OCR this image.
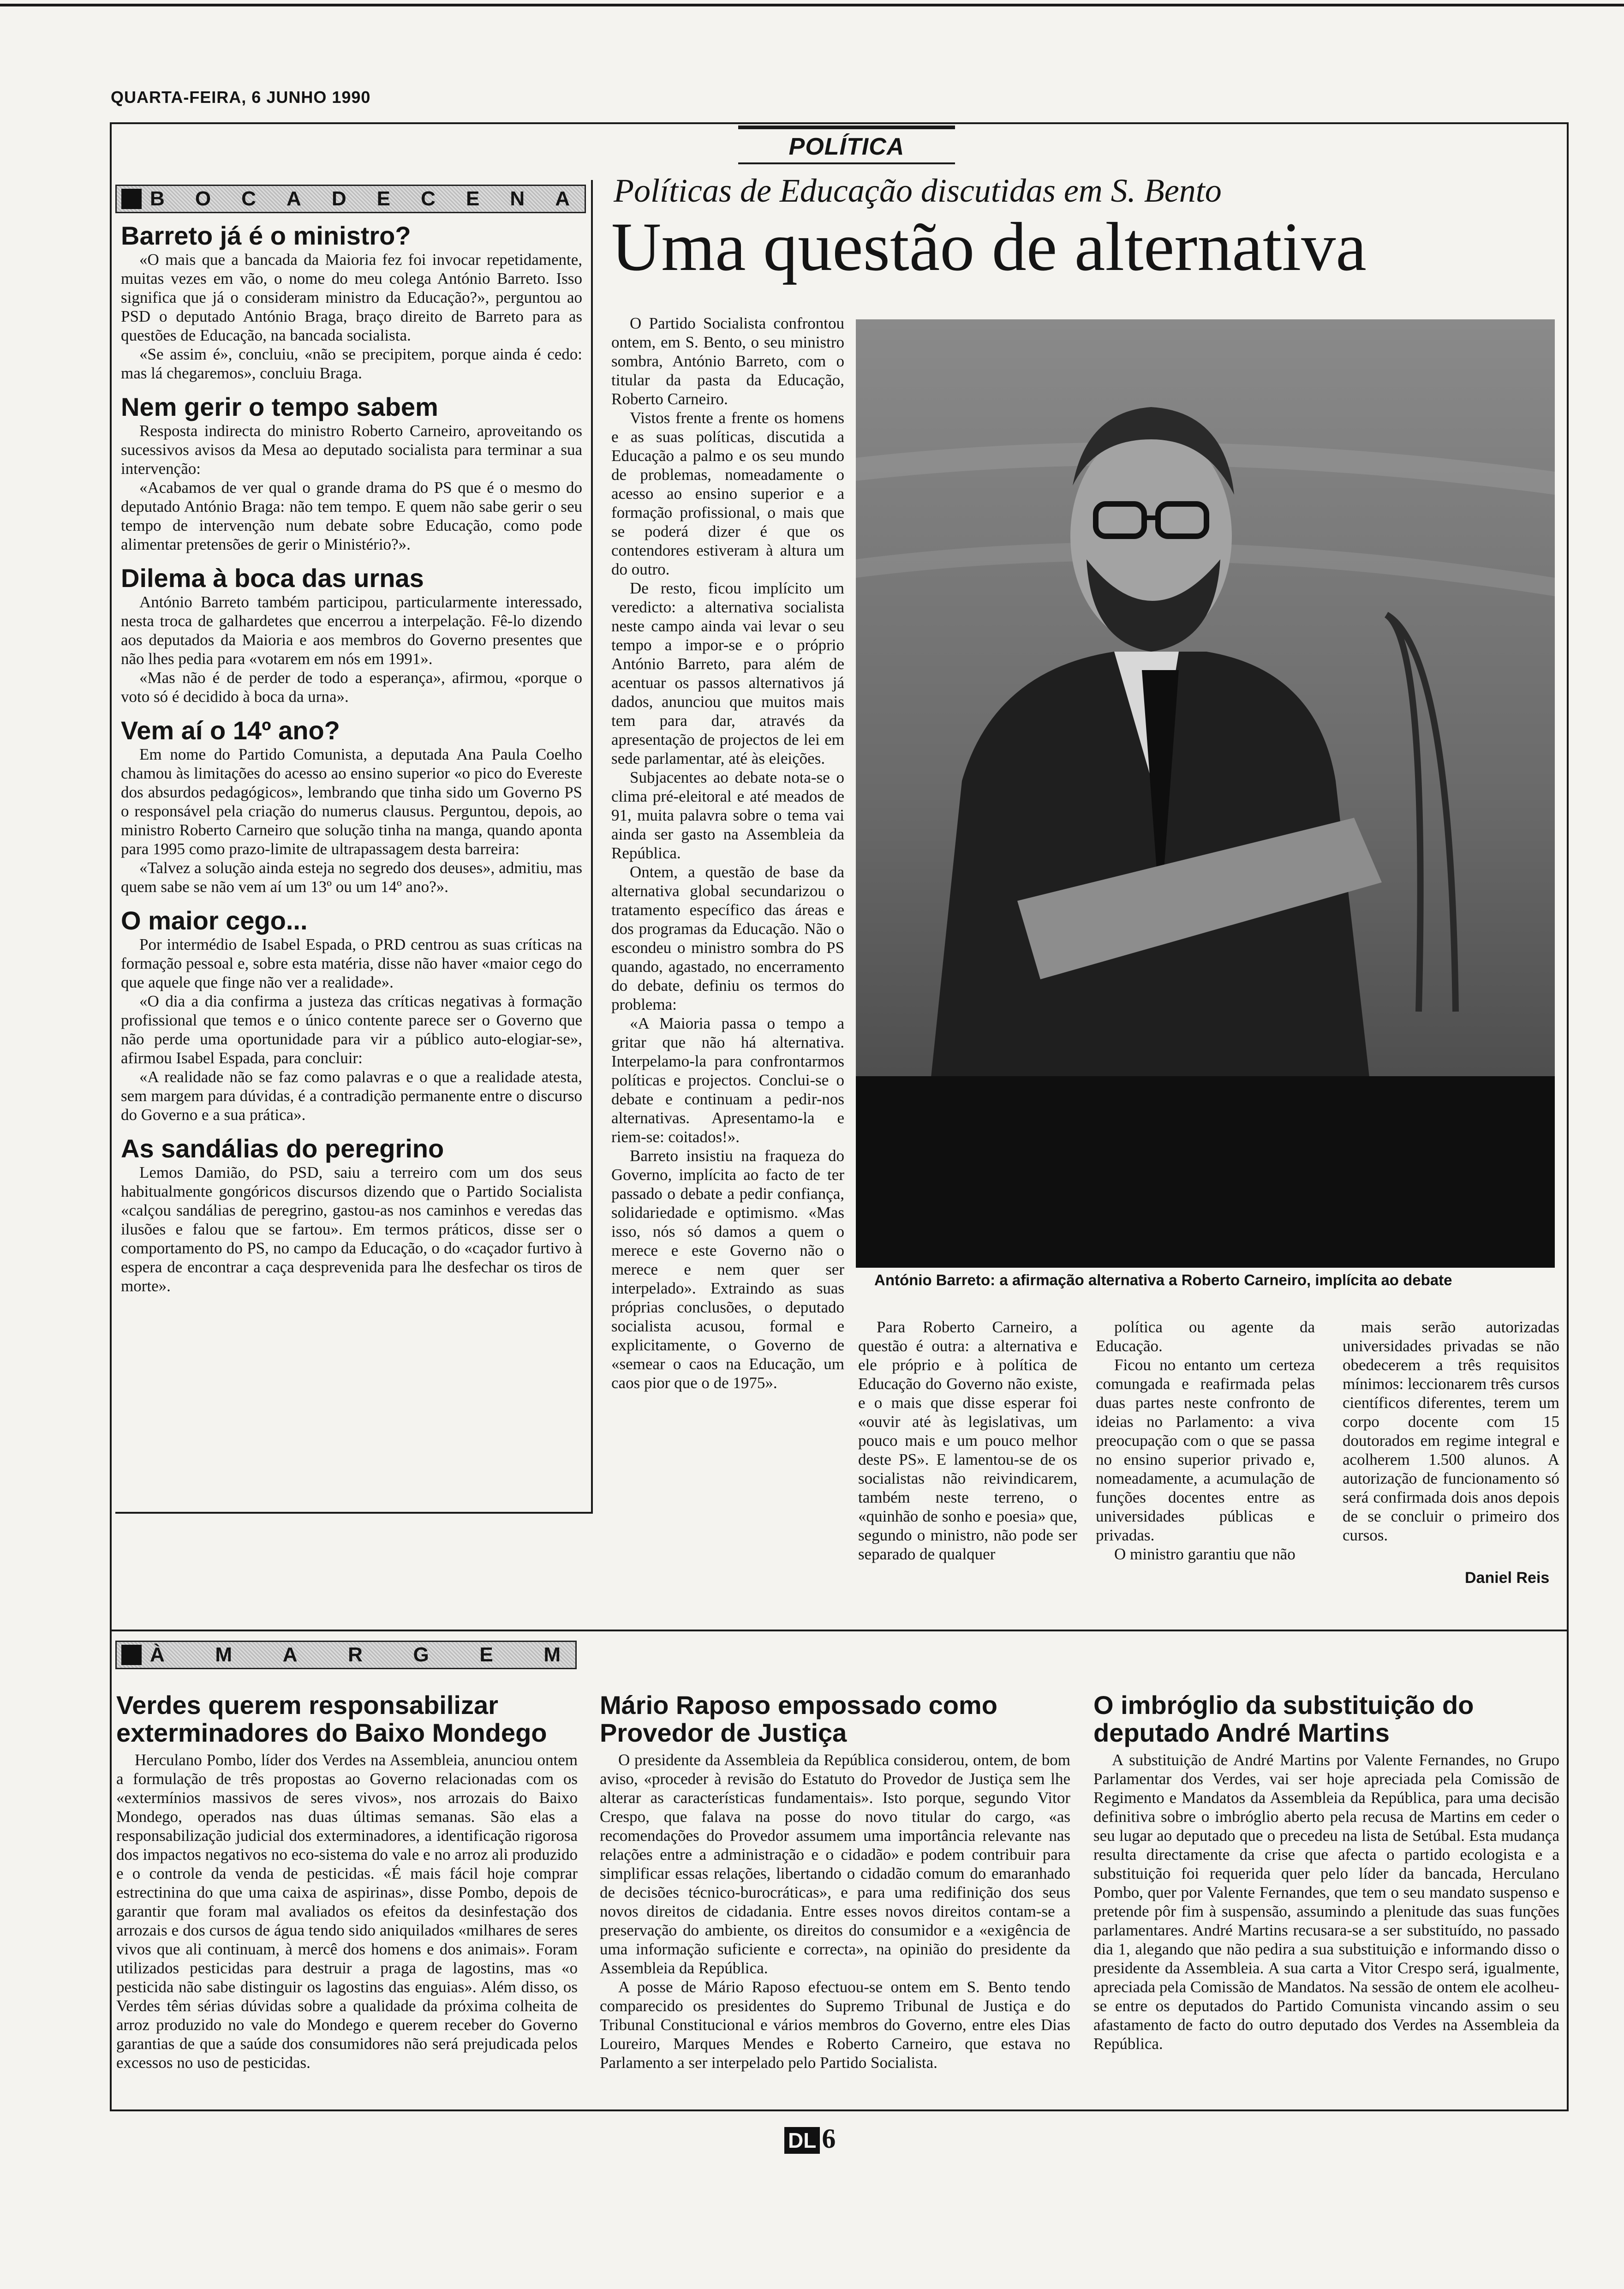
QUARTA-FEIRA, 6 JUNHO 1990
POLÍTICA
B O C A D E C E N A
Barreto já é o ministro?

«O mais que a bancada da Maioria fez foi invocar repetidamente, muitas vezes em vão, o nome do meu colega António Barreto. Isso significa que já o consideram ministro da Educação?», perguntou ao PSD o deputado António Braga, braço direito de Barreto para as questões de Educação, na bancada socialista.

«Se assim é», concluiu, «não se precipitem, porque ainda é cedo: mas lá chegaremos», concluiu Braga.

Nem gerir o tempo sabem

Resposta indirecta do ministro Roberto Carneiro, aproveitando os sucessivos avisos da Mesa ao deputado socialista para terminar a sua intervenção:

«Acabamos de ver qual o grande drama do PS que é o mesmo do deputado António Braga: não tem tempo. E quem não sabe gerir o seu tempo de intervenção num debate sobre Educação, como pode alimentar pretensões de gerir o Ministério?».

Dilema à boca das urnas

António Barreto também participou, particularmente interessado, nesta troca de galhardetes que encerrou a interpelação. Fê-lo dizendo aos deputados da Maioria e aos membros do Governo presentes que não lhes pedia para «votarem em nós em 1991».

«Mas não é de perder de todo a esperança», afirmou, «porque o voto só é decidido à boca da urna».

Vem aí o 14º ano?

Em nome do Partido Comunista, a deputada Ana Paula Coelho chamou às limitações do acesso ao ensino superior «o pico do Evereste dos absurdos pedagógicos», lembrando que tinha sido um Governo PS o responsável pela criação do numerus clausus. Perguntou, depois, ao ministro Roberto Carneiro que solução tinha na manga, quando aponta para 1995 como prazo-limite de ultrapassagem desta barreira:

«Talvez a solução ainda esteja no segredo dos deuses», admitiu, mas quem sabe se não vem aí um 13º ou um 14º ano?».

O maior cego...

Por intermédio de Isabel Espada, o PRD centrou as suas críticas na formação pessoal e, sobre esta matéria, disse não haver «maior cego do que aquele que finge não ver a realidade».

«O dia a dia confirma a justeza das críticas negativas à formação profissional que temos e o único contente parece ser o Governo que não perde uma oportunidade para vir a público auto-elogiar-se», afirmou Isabel Espada, para concluir:

«A realidade não se faz como palavras e o que a realidade atesta, sem margem para dúvidas, é a contradição permanente entre o discurso do Governo e a sua prática».

As sandálias do peregrino

Lemos Damião, do PSD, saiu a terreiro com um dos seus habitualmente gongóricos discursos dizendo que o Partido Socialista «calçou sandálias de peregrino, gastou-as nos caminhos e veredas das ilusões e falou que se fartou». Em termos práticos, disse ser o comportamento do PS, no campo da Educação, o do «caçador furtivo à espera de encontrar a caça desprevenida para lhe desfechar os tiros de morte».

Políticas de Educação discutidas em S. Bento
Uma questão de alternativa

O Partido Socialista confrontou ontem, em S. Bento, o seu ministro sombra, António Barreto, com o titular da pasta da Educação, Roberto Carneiro.

Vistos frente a frente os homens e as suas políticas, discutida a Educação a palmo e os seu mundo de problemas, nomeadamente o acesso ao ensino superior e a formação profissional, o mais que se poderá dizer é que os contendores estiveram à altura um do outro.

De resto, ficou implícito um veredicto: a alternativa socialista neste campo ainda vai levar o seu tempo a impor-se e o próprio António Barreto, para além de acentuar os passos alternativos já dados, anunciou que muitos mais tem para dar, através da apresentação de projectos de lei em sede parlamentar, até às eleições.

Subjacentes ao debate nota-se o clima pré-eleitoral e até meados de 91, muita palavra sobre o tema vai ainda ser gasto na Assembleia da República.

Ontem, a questão de base da alternativa global secundarizou o tratamento específico das áreas e dos programas da Educação. Não o escondeu o ministro sombra do PS quando, agastado, no encerramento do debate, definiu os termos do problema:

«A Maioria passa o tempo a gritar que não há alternativa. Interpelamo-la para confrontarmos políticas e projectos. Conclui-se o debate e continuam a pedir-nos alternativas. Apresentamo-la e riem-se: coitados!».

Barreto insistiu na fraqueza do Governo, implícita ao facto de ter passado o debate a pedir confiança, solidariedade e optimismo. «Mas isso, nós só damos a quem o merece e este Governo não o merece e nem quer ser interpelado». Extraindo as suas próprias conclusões, o deputado socialista acusou, formal e explicitamente, o Governo de «semear o caos na Educação, um caos pior que o de 1975».

António Barreto: a afirmação alternativa a Roberto Carneiro, implícita ao debate

Para Roberto Carneiro, a questão é outra: a alternativa e ele próprio e à política de Educação do Governo não existe, e o mais que disse esperar foi «ouvir até às legislativas, um pouco mais e um pouco melhor deste PS». E lamentou-se de os socialistas não reivindicarem, também neste terreno, o «quinhão de sonho e poesia» que, segundo o ministro, não pode ser separado de qualquer

política ou agente da Educação.

Ficou no entanto um certeza comungada e reafirmada pelas duas partes neste confronto de ideias no Parlamento: a viva preocupação com o que se passa no ensino superior privado e, nomeadamente, a acumulação de funções docentes entre as universidades públicas e privadas.

O ministro garantiu que não

mais serão autorizadas universidades privadas se não obedecerem a três requisitos mínimos: leccionarem três cursos científicos diferentes, terem um corpo docente com 15 doutorados em regime integral e acolherem 1.500 alunos. A autorização de funcionamento só será confirmada dois anos depois de se concluir o primeiro dos cursos.

Daniel Reis
À M A R G E M
Verdes querem responsabilizar exterminadores do Baixo Mondego

Herculano Pombo, líder dos Verdes na Assembleia, anunciou ontem a formulação de três propostas ao Governo relacionadas com os «extermínios massivos de seres vivos», nos arrozais do Baixo Mondego, operados nas duas últimas semanas. São elas a responsabilização judicial dos exterminadores, a identificação rigorosa dos impactos negativos no eco-sistema do vale e no arroz ali produzido e o controle da venda de pesticidas. «É mais fácil hoje comprar estrectinina do que uma caixa de aspirinas», disse Pombo, depois de garantir que foram mal avaliados os efeitos da desinfestação dos arrozais e dos cursos de água tendo sido aniquilados «milhares de seres vivos que ali continuam, à mercê dos homens e dos animais». Foram utilizados pesticidas para destruir a praga de lagostins, mas «o pesticida não sabe distinguir os lagostins das enguias». Além disso, os Verdes têm sérias dúvidas sobre a qualidade da próxima colheita de arroz produzido no vale do Mondego e querem receber do Governo garantias de que a saúde dos consumidores não será prejudicada pelos excessos no uso de pesticidas.

Mário Raposo empossado como Provedor de Justiça

O presidente da Assembleia da República considerou, ontem, de bom aviso, «proceder à revisão do Estatuto do Provedor de Justiça sem lhe alterar as características fundamentais». Isto porque, segundo Vitor Crespo, que falava na posse do novo titular do cargo, «as recomendações do Provedor assumem uma importância relevante nas relações entre a administração e o cidadão» e podem contribuir para simplificar essas relações, libertando o cidadão comum do emaranhado de decisões técnico-burocráticas», e para uma redifinição dos seus novos direitos de cidadania. Entre esses novos direitos contam-se a preservação do ambiente, os direitos do consumidor e a «exigência de uma informação suficiente e correcta», na opinião do presidente da Assembleia da República.

A posse de Mário Raposo efectuou-se ontem em S. Bento tendo comparecido os presidentes do Supremo Tribunal de Justiça e do Tribunal Constitucional e vários membros do Governo, entre eles Dias Loureiro, Marques Mendes e Roberto Carneiro, que estava no Parlamento a ser interpelado pelo Partido Socialista.

O imbróglio da substituição do deputado André Martins

A substituição de André Martins por Valente Fernandes, no Grupo Parlamentar dos Verdes, vai ser hoje apreciada pela Comissão de Regimento e Mandatos da Assembleia da República, para uma decisão definitiva sobre o imbróglio aberto pela recusa de Martins em ceder o seu lugar ao deputado que o precedeu na lista de Setúbal. Esta mudança resulta directamente da crise que afecta o partido ecologista e a substituição foi requerida quer pelo líder da bancada, Herculano Pombo, quer por Valente Fernandes, que tem o seu mandato suspenso e pretende pôr fim à suspensão, assumindo a plenitude das suas funções parlamentares. André Martins recusara-se a ser substituído, no passado dia 1, alegando que não pedira a sua substituição e informando disso o presidente da Assembleia. A sua carta a Vitor Crespo será, igualmente, apreciada pela Comissão de Mandatos. Na sessão de ontem ele acolheu-se entre os deputados do Partido Comunista vincando assim o seu afastamento de facto do outro deputado dos Verdes na Assembleia da República.

DL 6
